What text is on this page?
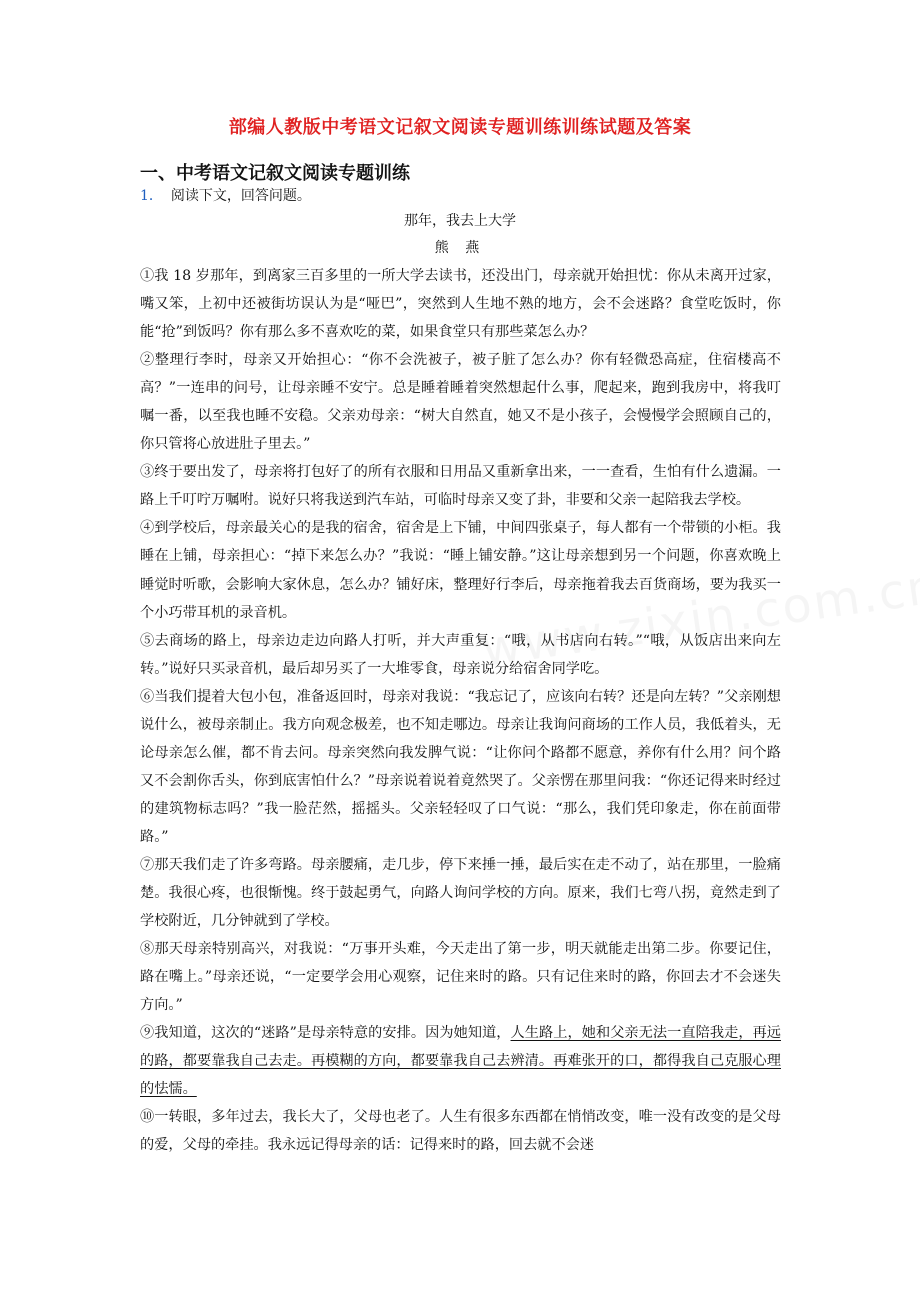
部编人教版中考语文记叙文阅读专题训练训练试题及答案
一、中考语文记叙文阅读专题训练
1． 阅读下文，回答问题。
那年，我去上大学
熊 燕

①我 18 岁那年，到离家三百多里的一所大学去读书，还没出门，母亲就开始担忧：你从未离开过家，嘴又笨，上初中还被街坊误认为是“哑巴”，突然到人生地不熟的地方，会不会迷路？食堂吃饭时，你能“抢”到饭吗？你有那么多不喜欢吃的菜，如果食堂只有那些菜怎么办？

②整理行李时，母亲又开始担心：“你不会洗被子，被子脏了怎么办？你有轻微恐高症，住宿楼高不高？”一连串的问号，让母亲睡不安宁。总是睡着睡着突然想起什么事，爬起来，跑到我房中，将我叮嘱一番，以至我也睡不安稳。父亲劝母亲：“树大自然直，她又不是小孩子，会慢慢学会照顾自己的，你只管将心放进肚子里去。”

③终于要出发了，母亲将打包好了的所有衣服和日用品又重新拿出来，一一查看，生怕有什么遗漏。一路上千叮咛万嘱咐。说好只将我送到汽车站，可临时母亲又变了卦，非要和父亲一起陪我去学校。

④到学校后，母亲最关心的是我的宿舍，宿舍是上下铺，中间四张桌子，每人都有一个带锁的小柜。我睡在上铺，母亲担心：“掉下来怎么办？”我说：“睡上铺安静。”这让母亲想到另一个问题，你喜欢晚上睡觉时听歌，会影响大家休息，怎么办？铺好床，整理好行李后，母亲拖着我去百货商场，要为我买一个小巧带耳机的录音机。

⑤去商场的路上，母亲边走边向路人打听，并大声重复：“哦，从书店向右转。”“哦，从饭店出来向左转。”说好只买录音机，最后却另买了一大堆零食，母亲说分给宿舍同学吃。

⑥当我们提着大包小包，准备返回时，母亲对我说：“我忘记了，应该向右转？还是向左转？”父亲刚想说什么，被母亲制止。我方向观念极差，也不知走哪边。母亲让我询问商场的工作人员，我低着头，无论母亲怎么催，都不肯去问。母亲突然向我发脾气说：“让你问个路都不愿意，养你有什么用？问个路又不会割你舌头，你到底害怕什么？”母亲说着说着竟然哭了。父亲愣在那里问我：“你还记得来时经过的建筑物标志吗？”我一脸茫然，摇摇头。父亲轻轻叹了口气说：“那么，我们凭印象走，你在前面带路。”

⑦那天我们走了许多弯路。母亲腰痛，走几步，停下来捶一捶，最后实在走不动了，站在那里，一脸痛楚。我很心疼，也很惭愧。终于鼓起勇气，向路人询问学校的方向。原来，我们七弯八拐，竟然走到了学校附近，几分钟就到了学校。

⑧那天母亲特别高兴，对我说：“万事开头难，今天走出了第一步，明天就能走出第二步。你要记住，路在嘴上。”母亲还说，“一定要学会用心观察，记住来时的路。只有记住来时的路，你回去才不会迷失方向。”

⑨我知道，这次的“迷路”是母亲特意的安排。因为她知道，人生路上，她和父亲无法一直陪我走，再远的路，都要靠我自己去走。再模糊的方向，都要靠我自己去辨清。再难张开的口，都得我自己克服心理的怯懦。

⑩一转眼，多年过去，我长大了，父母也老了。人生有很多东西都在悄悄改变，唯一没有改变的是父母的爱，父母的牵挂。我永远记得母亲的话：记得来时的路，回去就不会迷
